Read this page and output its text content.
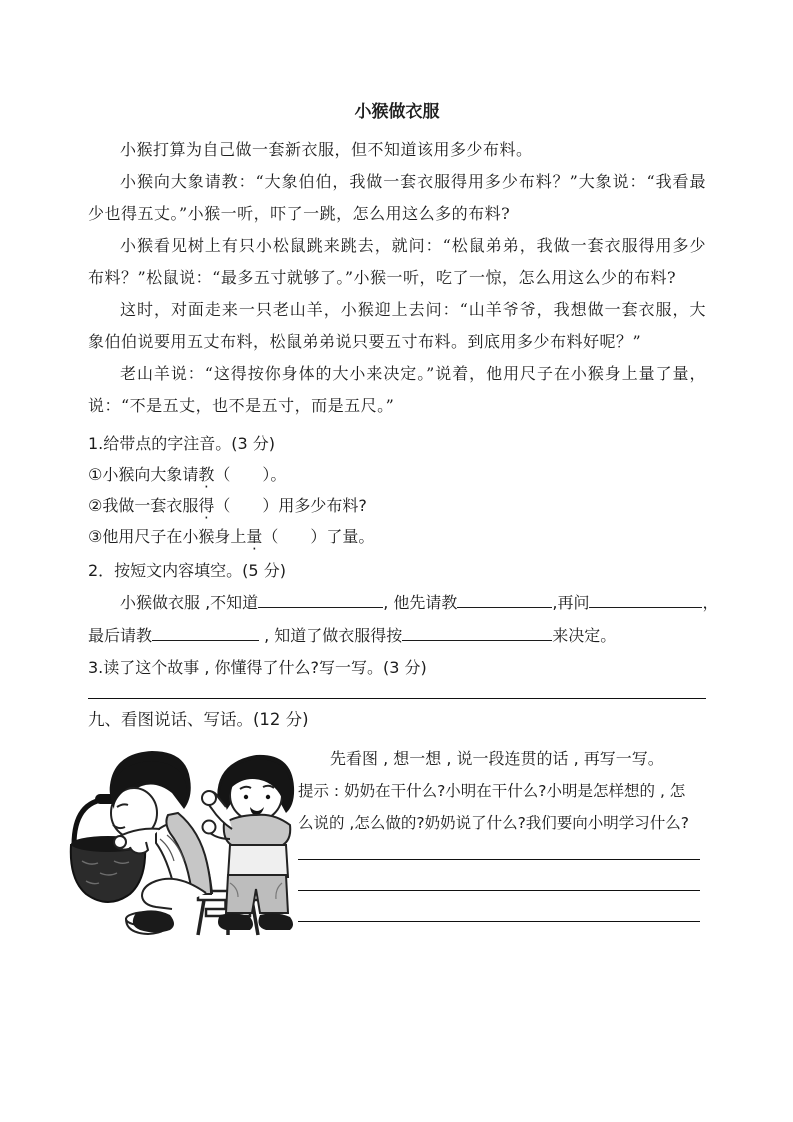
小猴做衣服

小猴打算为自己做一套新衣服，但不知道该用多少布料。

小猴向大象请教：“大象伯伯，我做一套衣服得用多少布料？”大象说：“我看最少也得五丈。”小猴一听，吓了一跳，怎么用这么多的布料?

小猴看见树上有只小松鼠跳来跳去，就问：“松鼠弟弟，我做一套衣服得用多少布料？”松鼠说：“最多五寸就够了。”小猴一听，吃了一惊，怎么用这么少的布料?

这时，对面走来一只老山羊，小猴迎上去问：“山羊爷爷，我想做一套衣服，大象伯伯说要用五丈布料，松鼠弟弟说只要五寸布料。到底用多少布料好呢？”

老山羊说：“这得按你身体的大小来决定。”说着，他用尺子在小猴身上量了量，说：“不是五丈，也不是五寸，而是五尺。”

1.给带点的字注音。(3 分)
①小猴向大象请教（　　）。
②我做一套衣服得（　　）用多少布料?
③他用尺子在小猴身上量（　　）了量。
2．按短文内容填空。(5 分)
小猴做衣服 ,不知道	, 他先请教	,再问	，
最后请教	, 知道了做衣服得按	来决定。
3.读了这个故事 , 你懂得了什么?写一写。(3 分)
九、看图说话、写话。(12 分)
先看图 , 想一想 , 说一段连贯的话 , 再写一写。
提示 : 奶奶在干什么?小明在干什么?小明是怎样想的 , 怎
么说的 ,怎么做的?奶奶说了什么?我们要向小明学习什么?
